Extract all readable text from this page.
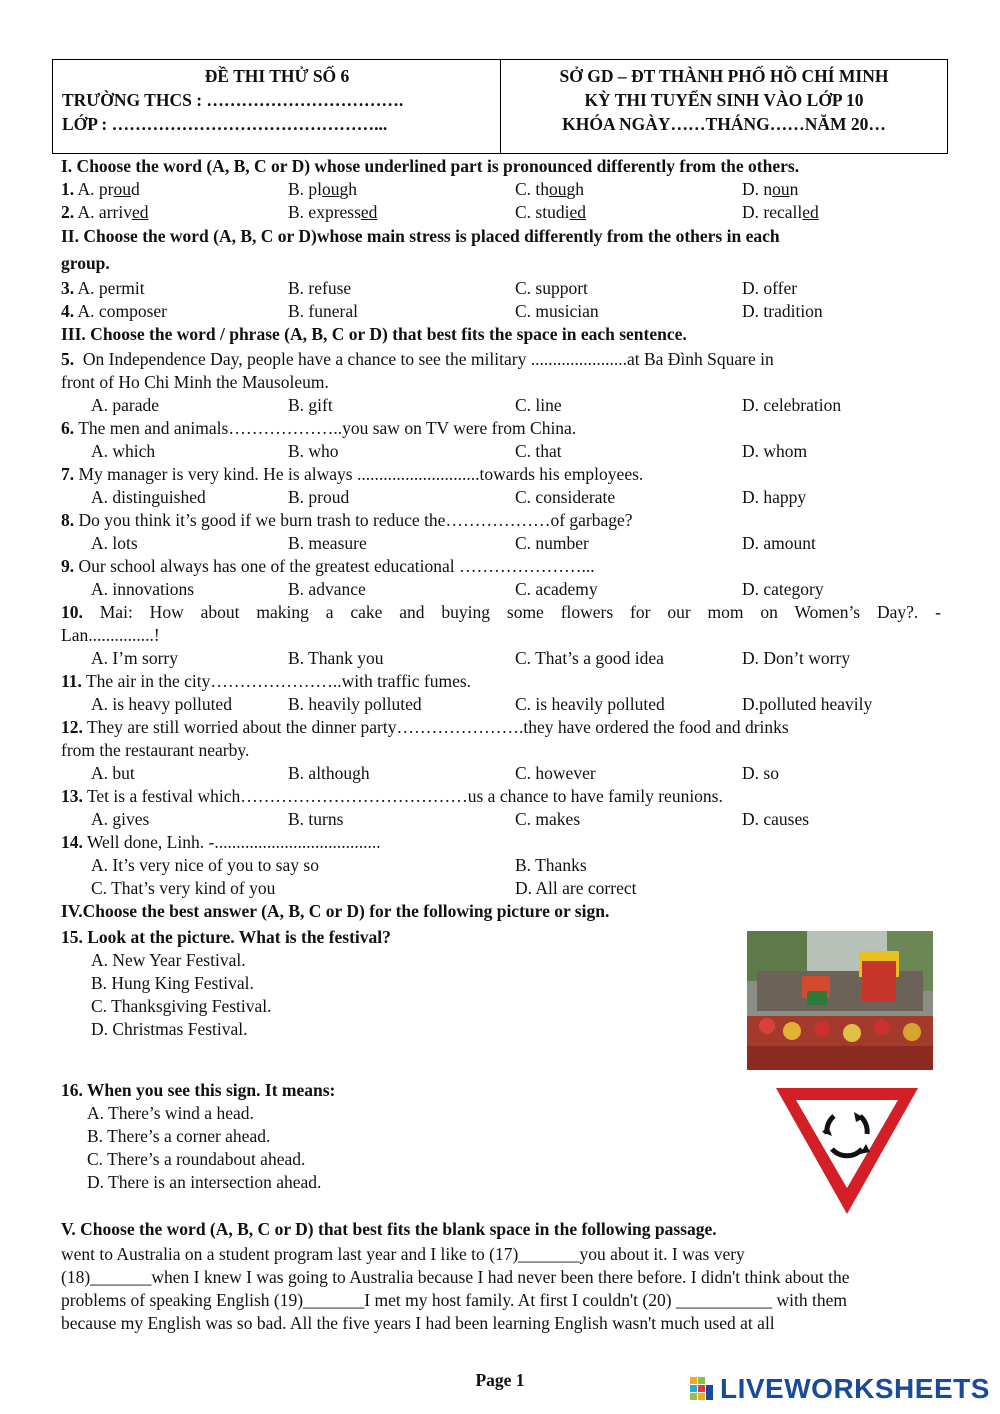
ĐỀ THI THỬ SỐ 6
TRƯỜNG THCS : …………………………….
LỚP : ………………………………………...
SỞ GD – ĐT THÀNH PHỐ HỒ CHÍ MINH
KỲ THI TUYỂN SINH VÀO LỚP 10
KHÓA NGÀY……THÁNG……NĂM 20…
I. Choose the word (A, B, C or D) whose underlined part is pronounced differently from the others.
1. A. proud	B. plough	C. though	D. noun
2. A. arrived	B. expressed	C. studied	D. recalled
II. Choose the word (A, B, C or D)whose main stress is placed differently from the others in each
group.
3. A. permit	B. refuse	C. support	D. offer
4. A. composer	B. funeral	C. musician	D. tradition
III. Choose the word / phrase (A, B, C or D) that best fits the space in each sentence.
5. On Independence Day, people have a chance to see the military ......................at Ba Đình Square in
front of Ho Chi Minh the Mausoleum.
A. parade	B. gift	C. line	D. celebration
6. The men and animals………………..you saw on TV were from China.
A. which	B. who	C. that	D. whom
7. My manager is very kind. He is always ............................towards his employees.
A. distinguished	B. proud	C. considerate	D. happy
8. Do you think it’s good if we burn trash to reduce the………………of garbage?
A. lots	B. measure	C. number	D. amount
9. Our school always has one of the greatest educational …………………...
A. innovations	B. advance	C. academy	D. category
10. Mai: How about making a cake and buying some flowers for our mom on Women’s Day?. -
Lan...............!
A. I’m sorry	B. Thank you	C. That’s a good idea	D. Don’t worry
11. The air in the city…………………..with traffic fumes.
A. is heavy polluted	B. heavily polluted	C. is heavily polluted	D.polluted heavily
12. They are still worried about the dinner party………………….they have ordered the food and drinks
from the restaurant nearby.
A. but	B. although	C. however	D. so
13. Tet is a festival which…………………………………us a chance to have family reunions.
A. gives	B. turns	C. makes	D. causes
14. Well done, Linh. -......................................
A. It’s very nice of you to say so	B. Thanks
C. That’s very kind of you	D. All are correct
IV.Choose the best answer (A, B, C or D) for the following picture or sign.
15. Look at the picture. What is the festival?
A. New Year Festival.
B. Hung King Festival.
C. Thanksgiving Festival.
D. Christmas Festival.
16. When you see this sign. It means:
A. There’s wind a head.
B. There’s a corner ahead.
C. There’s a roundabout ahead.
D. There is an intersection ahead.
V. Choose the word (A, B, C or D) that best fits the blank space in the following passage.
went to Australia on a student program last year and I like to (17)_______you about it. I was very
(18)_______when I knew I was going to Australia because I had never been there before. I didn't think about the
problems of speaking English (19)_______I met my host family. At first I couldn't (20) ___________ with them
because my English was so bad. All the five years I had been learning English wasn't much used at all
Page 1	LIVEWORKSHEETS
